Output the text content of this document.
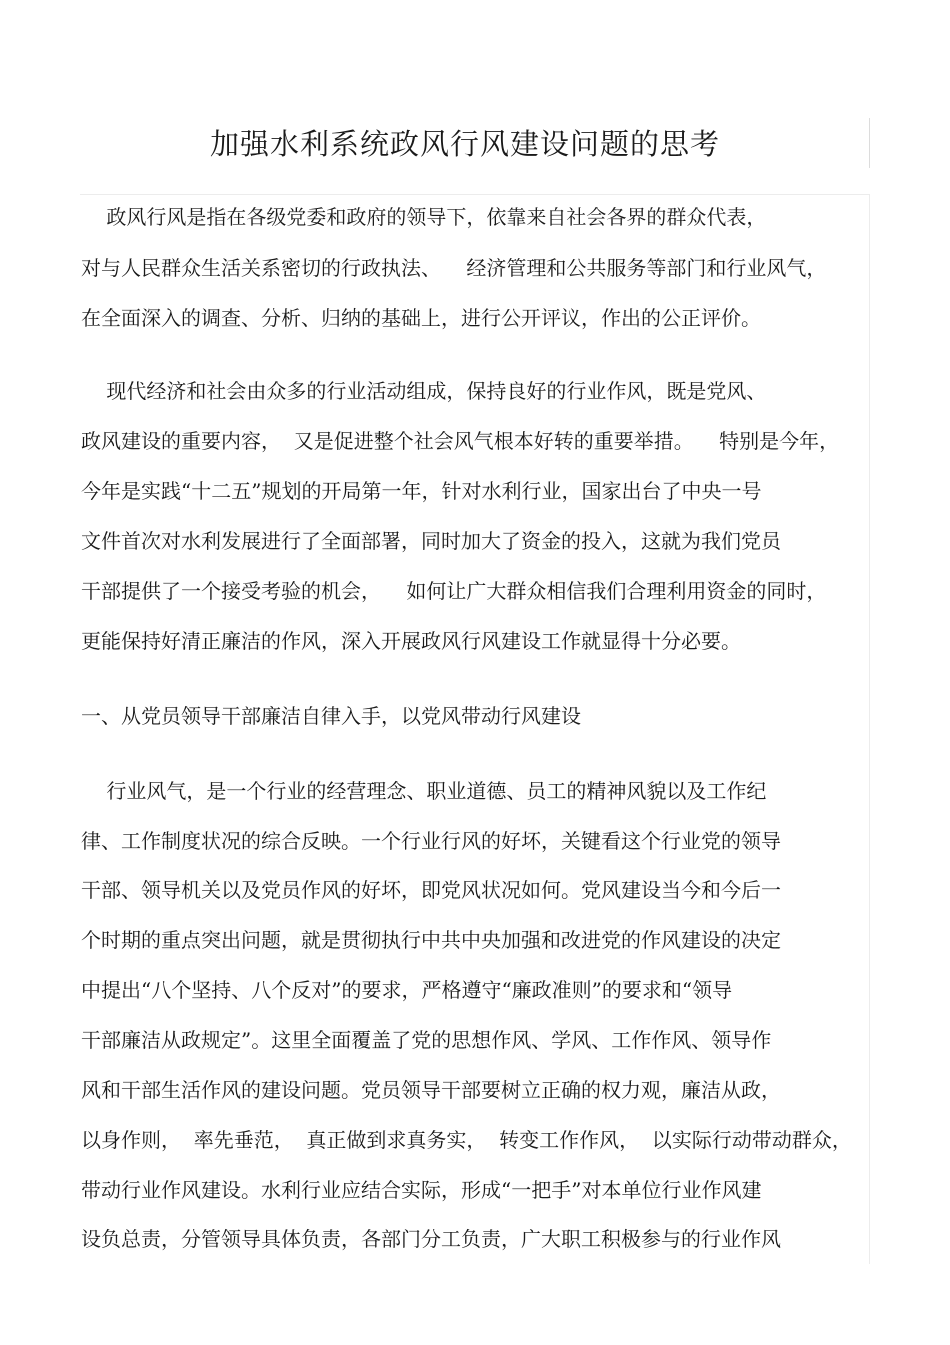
加强水利系统政风行风建设问题的思考

政风行风是指在各级党委和政府的领导下，依靠来自社会各界的群众代表，

对与人民群众生活关系密切的行政执法、    经济管理和公共服务等部门和行业风气，

在全面深入的调查、分析、归纳的基础上，进行公开评议，作出的公正评价。

现代经济和社会由众多的行业活动组成，保持良好的行业作风，既是党风、

政风建设的重要内容，  又是促进整个社会风气根本好转的重要举措。    特别是今年，

今年是实践“十二五”规划的开局第一年，针对水利行业，国家出台了中央一号

文件首次对水利发展进行了全面部署，同时加大了资金的投入，这就为我们党员

干部提供了一个接受考验的机会，    如何让广大群众相信我们合理利用资金的同时，

更能保持好清正廉洁的作风，深入开展政风行风建设工作就显得十分必要。

一、从党员领导干部廉洁自律入手，以党风带动行风建设

行业风气，是一个行业的经营理念、职业道德、员工的精神风貌以及工作纪

律、工作制度状况的综合反映。一个行业行风的好坏，关键看这个行业党的领导

干部、领导机关以及党员作风的好坏，即党风状况如何。党风建设当今和今后一

个时期的重点突出问题，就是贯彻执行中共中央加强和改进党的作风建设的决定

中提出“八个坚持、八个反对”的要求，严格遵守“廉政准则”的要求和“领导

干部廉洁从政规定”。这里全面覆盖了党的思想作风、学风、工作作风、领导作

风和干部生活作风的建设问题。党员领导干部要树立正确的权力观，廉洁从政，

以身作则，  率先垂范，  真正做到求真务实，  转变工作作风，  以实际行动带动群众，

带动行业作风建设。水利行业应结合实际，形成“一把手”对本单位行业作风建

设负总责，分管领导具体负责，各部门分工负责，广大职工积极参与的行业作风
